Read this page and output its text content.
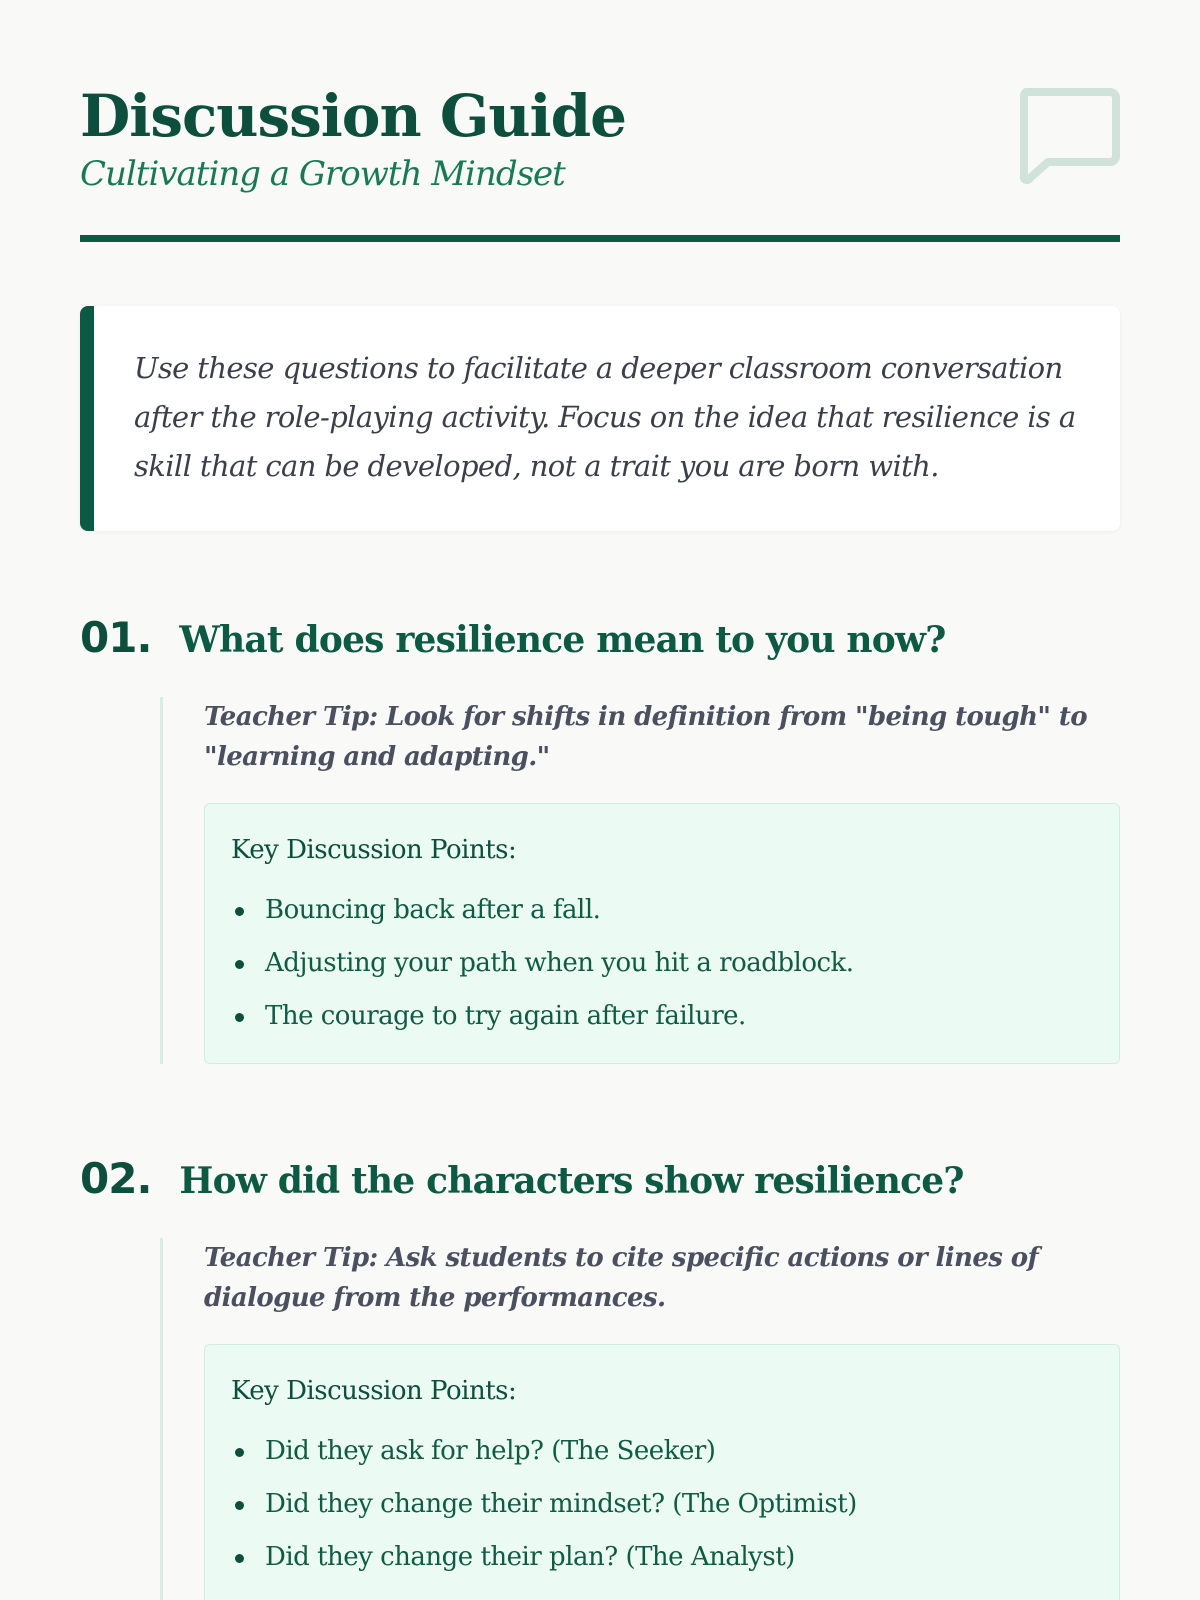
Discussion Guide

Cultivating a Growth Mindset

Use these questions to facilitate a deeper classroom conversation after the role-playing activity. Focus on the idea that resilience is a skill that can be developed, not a trait you are born with.

01. What does resilience mean to you now?

Teacher Tip: Look for shifts in definition from "being tough" to "learning and adapting."

Key Discussion Points:

Bouncing back after a fall.
Adjusting your path when you hit a roadblock.
The courage to try again after failure.
02. How did the characters show resilience?

Teacher Tip: Ask students to cite specific actions or lines of dialogue from the performances.

Key Discussion Points:

Did they ask for help? (The Seeker)
Did they change their mindset? (The Optimist)
Did they change their plan? (The Analyst)
